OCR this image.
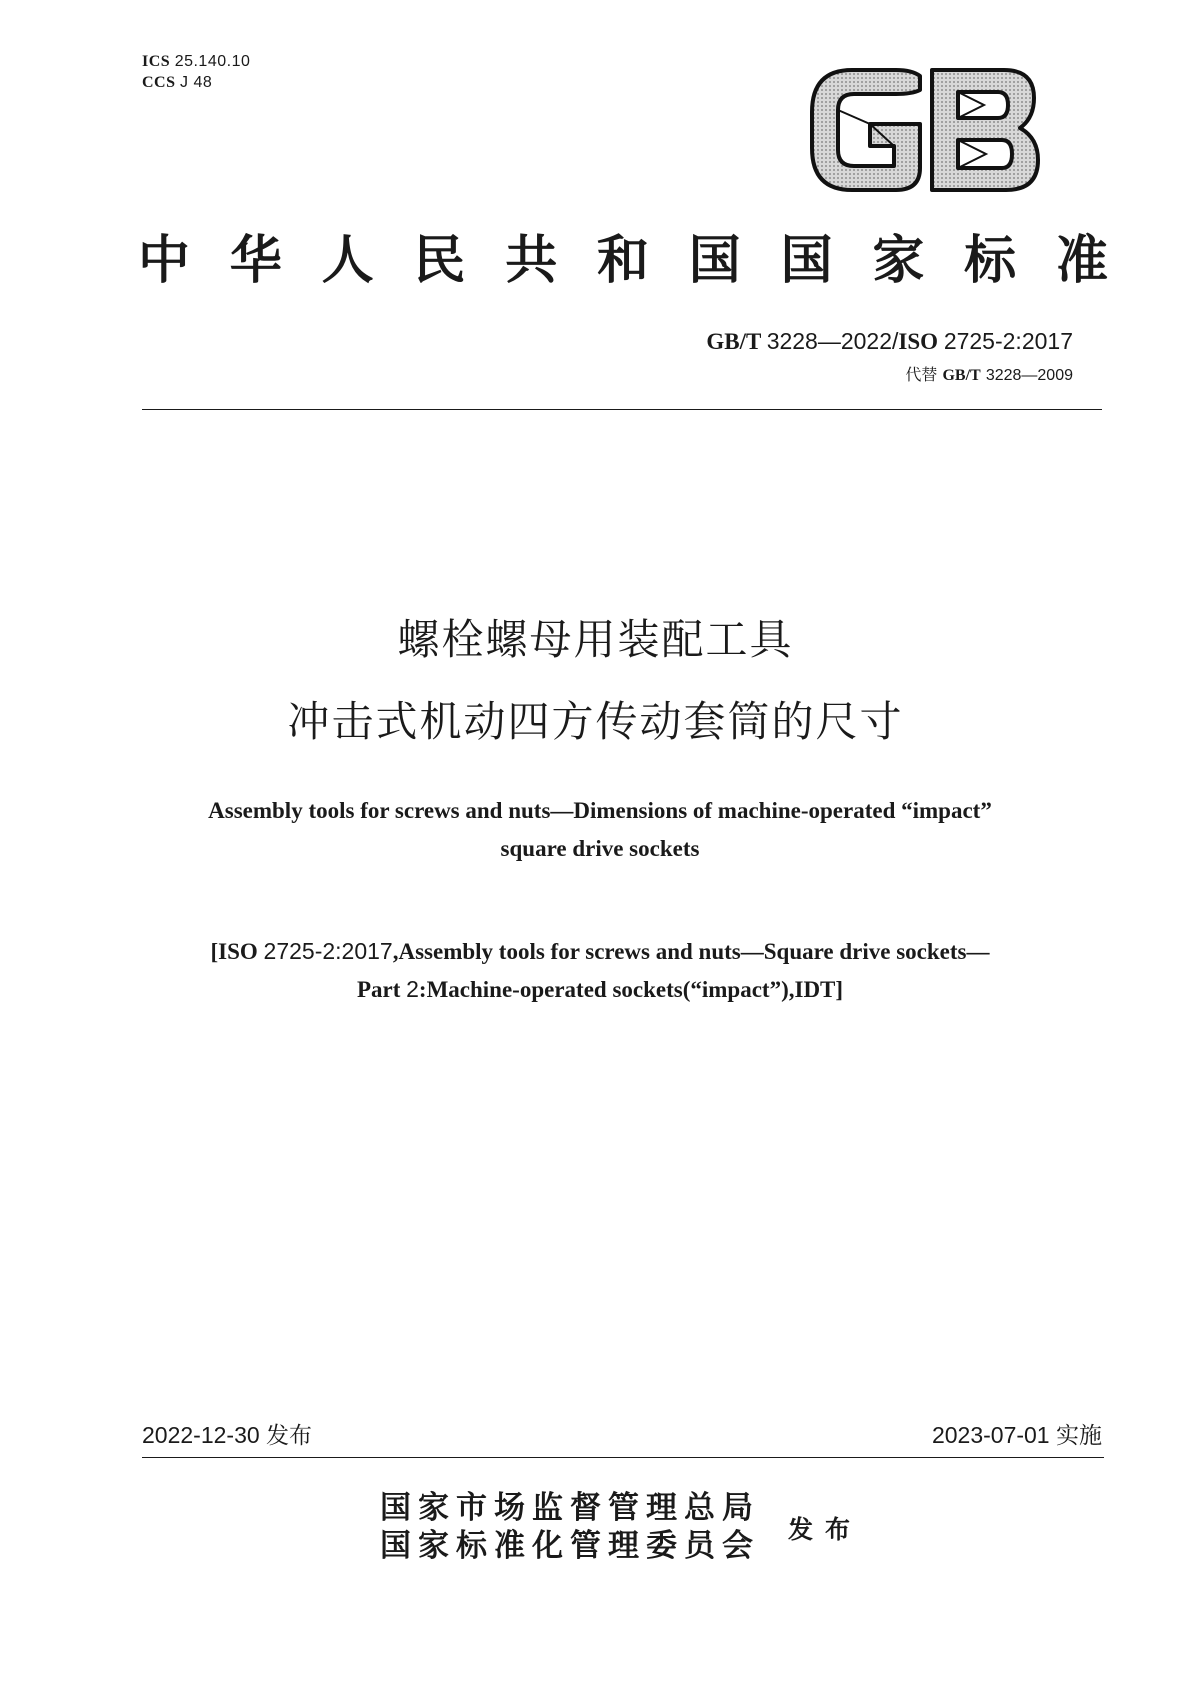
ICS 25.140.10
CCS J 48
中 华 人 民 共 和 国 国 家 标 准
GB/T 3228—2022/ISO 2725-2:2017
代替 GB/T 3228—2009
螺栓螺母用装配工具
冲击式机动四方传动套筒的尺寸
Assembly tools for screws and nuts—Dimensions of machine-operated “impact”
square drive sockets
[ISO 2725-2:2017,Assembly tools for screws and nuts—Square drive sockets—
Part 2:Machine-operated sockets(“impact”),IDT]
2022-12-30 发布	2023-07-01 实施
国家市场监督管理总局
国家标准化管理委员会 发布
